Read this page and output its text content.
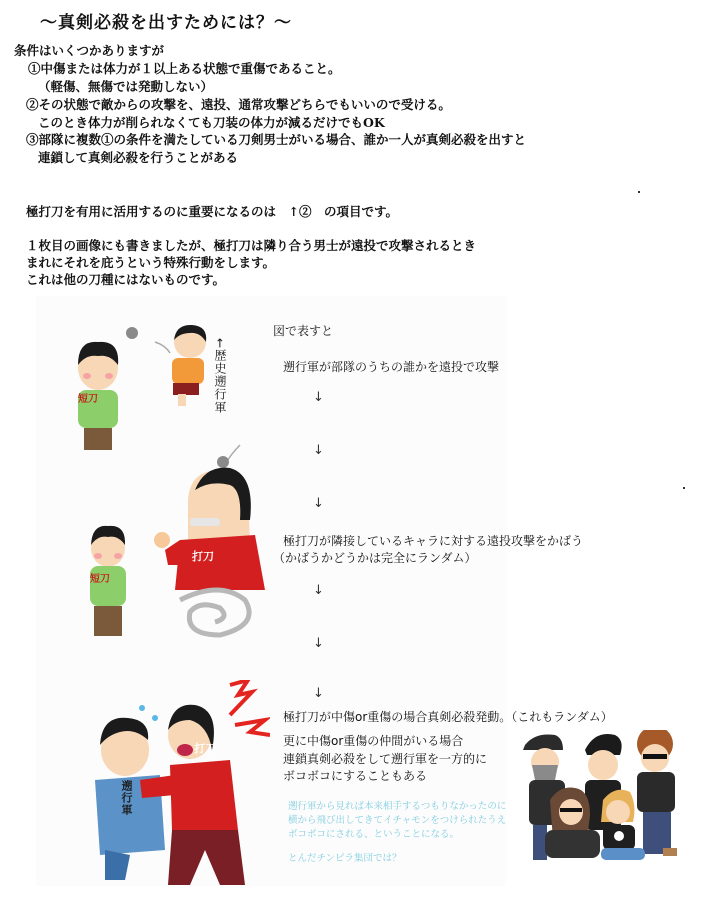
～真剣必殺を出すためには？～
条件はいくつかありますが
①中傷または体力が１以上ある状態で重傷であること。
（軽傷、無傷では発動しない）
②その状態で敵からの攻撃を、遠投、通常攻撃どちらでもいいので受ける。
このとき体力が削られなくても刀装の体力が減るだけでもOK
③部隊に複数①の条件を満たしている刀剣男士がいる場合、誰か一人が真剣必殺を出すと
連鎖して真剣必殺を行うことがある
極打刀を有用に活用するのに重要になるのは　↑②　の項目です。
１枚目の画像にも書きましたが、極打刀は隣り合う男士が遠投で攻撃されるとき
まれにそれを庇うという特殊行動をします。
これは他の刀種にはないものです。
短刀	←歴史遡行軍
短刀
打刀
打刀
遡行軍
図で表すと
遡行軍が部隊のうちの誰かを遠投で攻撃
↓
↓
↓
極打刀が隣接しているキャラに対する遠投攻撃をかばう
（かばうかどうかは完全にランダム）
↓
↓
↓
極打刀が中傷or重傷の場合真剣必殺発動。（これもランダム）
更に中傷or重傷の仲間がいる場合
連鎖真剣必殺をして遡行軍を一方的に
ボコボコにすることもある
遡行軍から見れば本来相手するつもりなかったのに
横から飛び出してきてイチャモンをつけられたうえ
ボコボコにされる、ということになる。
とんだチンピラ集団では？
